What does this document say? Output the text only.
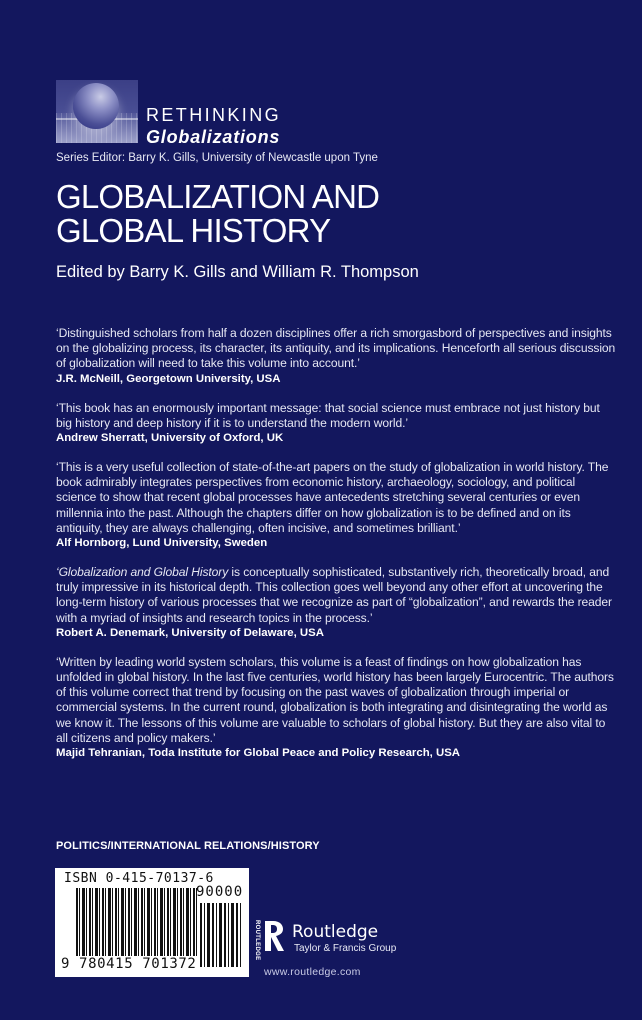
RETHINKING
Globalizations
Series Editor: Barry K. Gills, University of Newcastle upon Tyne
GLOBALIZATION AND
GLOBAL HISTORY
Edited by Barry K. Gills and William R. Thompson
‘Distinguished scholars from half a dozen disciplines offer a rich smorgasbord of perspectives and insights on the globalizing process, its character, its antiquity, and its implications. Henceforth all serious discussion of globalization will need to take this volume into account.’
J.R. McNeill, Georgetown University, USA
‘This book has an enormously important message: that social science must embrace not just history but big history and deep history if it is to understand the modern world.’
Andrew Sherratt, University of Oxford, UK
‘This is a very useful collection of state-of-the-art papers on the study of globalization in world history. The book admirably integrates perspectives from economic history, archaeology, sociology, and political science to show that recent global processes have antecedents stretching several centuries or even millennia into the past. Although the chapters differ on how globalization is to be defined and on its antiquity, they are always challenging, often incisive, and sometimes brilliant.’
Alf Hornborg, Lund University, Sweden
‘Globalization and Global History is conceptually sophisticated, substantively rich, theoretically broad, and truly impressive in its historical depth. This collection goes well beyond any other effort at uncovering the long-term history of various processes that we recognize as part of “globalization”, and rewards the reader with a myriad of insights and research topics in the process.’
Robert A. Denemark, University of Delaware, USA
‘Written by leading world system scholars, this volume is a feast of findings on how globalization has unfolded in global history. In the last five centuries, world history has been largely Eurocentric. The authors of this volume correct that trend by focusing on the past waves of globalization through imperial or commercial systems. In the current round, globalization is both integrating and disintegrating the world as we know it. The lessons of this volume are valuable to scholars of global history. But they are also vital to all citizens and policy makers.’
Majid Tehranian, Toda Institute for Global Peace and Policy Research, USA
POLITICS/INTERNATIONAL RELATIONS/HISTORY
ISBN 0-415-70137-6
90000
9 780415 701372
ROUTLEDGE Routledge
Taylor & Francis Group
www.routledge.com
